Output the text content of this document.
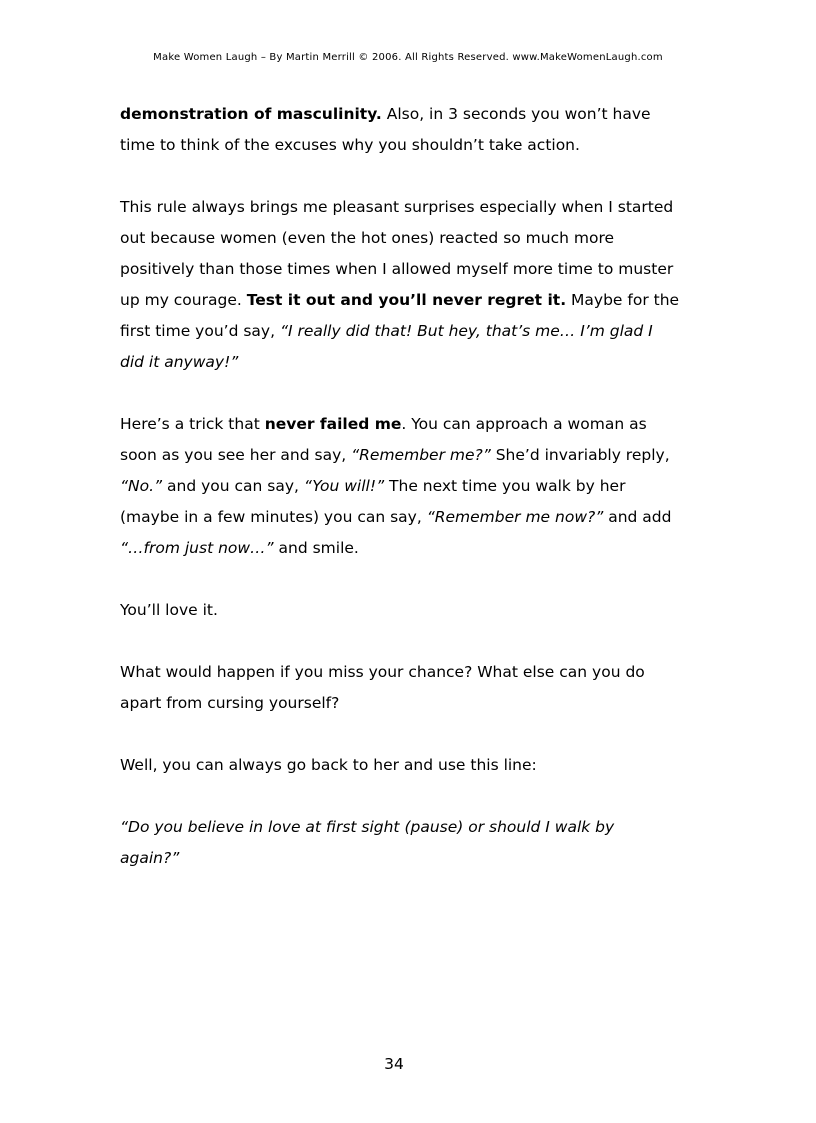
Make Women Laugh – By Martin Merrill © 2006. All Rights Reserved. www.MakeWomenLaugh.com

demonstration of masculinity. Also, in 3 seconds you won’t have
time to think of the excuses why you shouldn’t take action.

This rule always brings me pleasant surprises especially when I started
out because women (even the hot ones) reacted so much more
positively than those times when I allowed myself more time to muster
up my courage. Test it out and you’ll never regret it. Maybe for the
first time you’d say, “I really did that! But hey, that’s me… I’m glad I
did it anyway!”

Here’s a trick that never failed me. You can approach a woman as
soon as you see her and say, “Remember me?” She’d invariably reply,
“No.” and you can say, “You will!” The next time you walk by her
(maybe in a few minutes) you can say, “Remember me now?” and add
“…from just now…” and smile.

You’ll love it.

What would happen if you miss your chance? What else can you do
apart from cursing yourself?

Well, you can always go back to her and use this line:

“Do you believe in love at first sight (pause) or should I walk by
again?”

34
